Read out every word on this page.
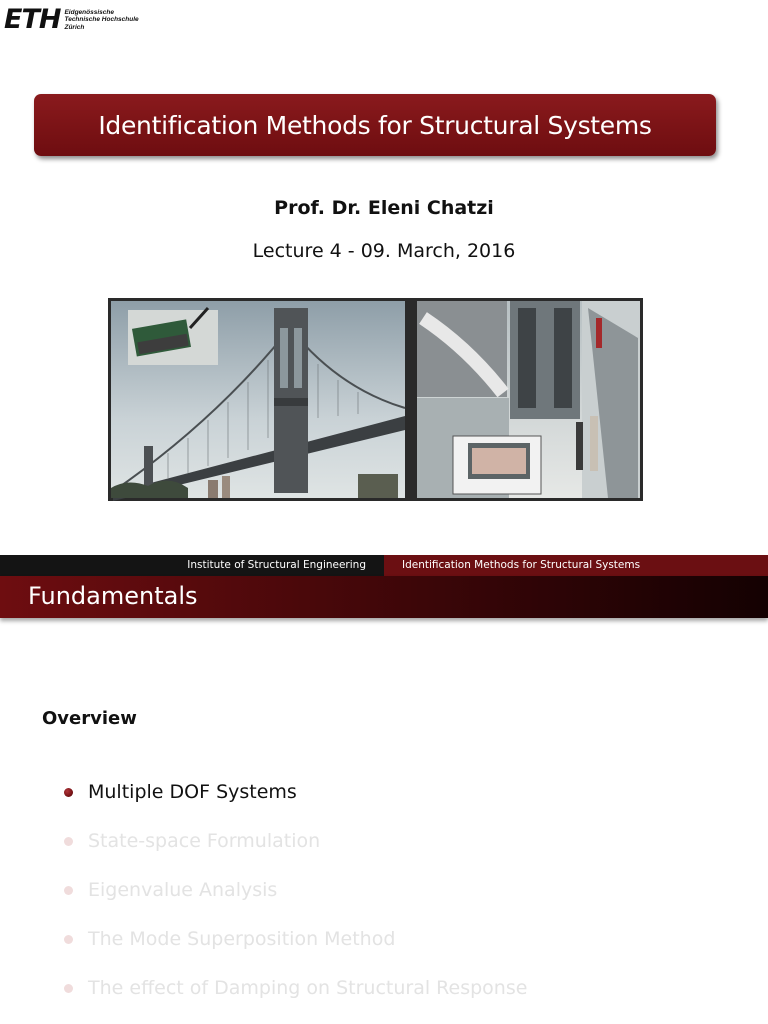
ETH Eidgenössische
Technische Hochschule
Zürich
Identification Methods for Structural Systems
Prof. Dr. Eleni Chatzi
Lecture 4 - 09. March, 2016
Institute of Structural Engineering	Identification Methods for Structural Systems
Fundamentals
Overview
Multiple DOF Systems
State-space Formulation
Eigenvalue Analysis
The Mode Superposition Method
The effect of Damping on Structural Response
